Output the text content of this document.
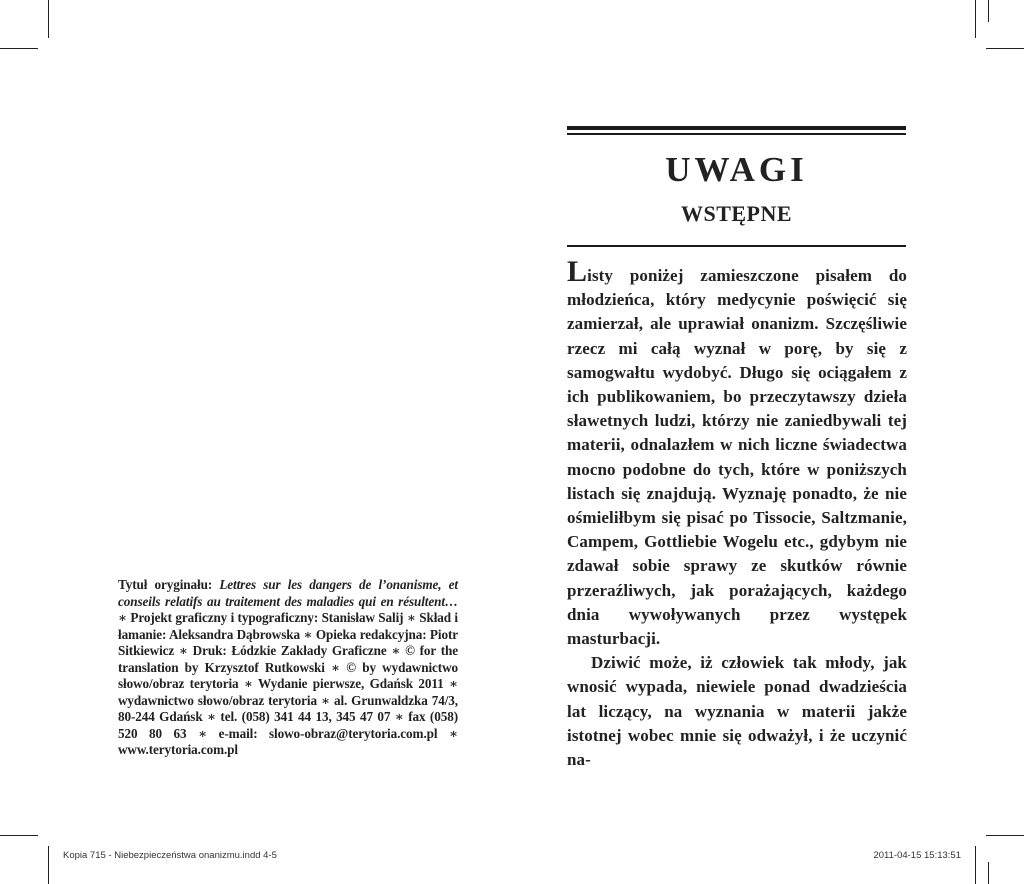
Tytuł oryginału: Lettres sur les dangers de l’onanisme, et conseils relatifs au traitement des maladies qui en résultent… ∗ Projekt graficzny i typograficzny: Stanisław Salij ∗ Skład i łamanie: Aleksandra Dąbrowska ∗ Opieka redakcyjna: Piotr Sitkiewicz ∗ Druk: Łódzkie Zakłady Graficzne ∗ © for the translation by Krzysztof Rutkowski ∗ © by wydawnictwo słowo/obraz terytoria ∗ Wydanie pierwsze, Gdańsk 2011 ∗ wydawnictwo słowo/obraz terytoria ∗ al. Grunwaldzka 74/3, 80-244 Gdańsk ∗ tel. (058) 341 44 13, 345 47 07 ∗ fax (058) 520 80 63 ∗ e-mail: slowo-obraz@terytoria.com.pl ∗ www.terytoria.com.pl
UWAGI
WSTĘPNE

Listy poniżej zamieszczone pisałem do młodzieńca, który medycynie poświęcić się zamierzał, ale uprawiał onanizm. Szczęśliwie rzecz mi całą wyznał w porę, by się z samogwałtu wydobyć. Długo się ociągałem z ich publikowaniem, bo przeczytawszy dzieła sławetnych ludzi, którzy nie zaniedbywali tej materii, odnalazłem w nich liczne świadectwa mocno podobne do tych, które w poniższych listach się znajdują. Wyznaję ponadto, że nie ośmieliłbym się pisać po Tissocie, Saltzmanie, Campem, Gottliebie Wogelu etc., gdybym nie zdawał sobie sprawy ze skutków równie przeraźliwych, jak porażających, każdego dnia wywoływanych przez występek masturbacji.

Dziwić może, iż człowiek tak młody, jak wnosić wypada, niewiele ponad dwadzieścia lat liczący, na wyznania w materii jakże istotnej wobec mnie się odważył, i że uczynić na-

Kopia 715 - Niebezpieczeństwa onanizmu.indd 4-5	2011-04-15 15:13:51
